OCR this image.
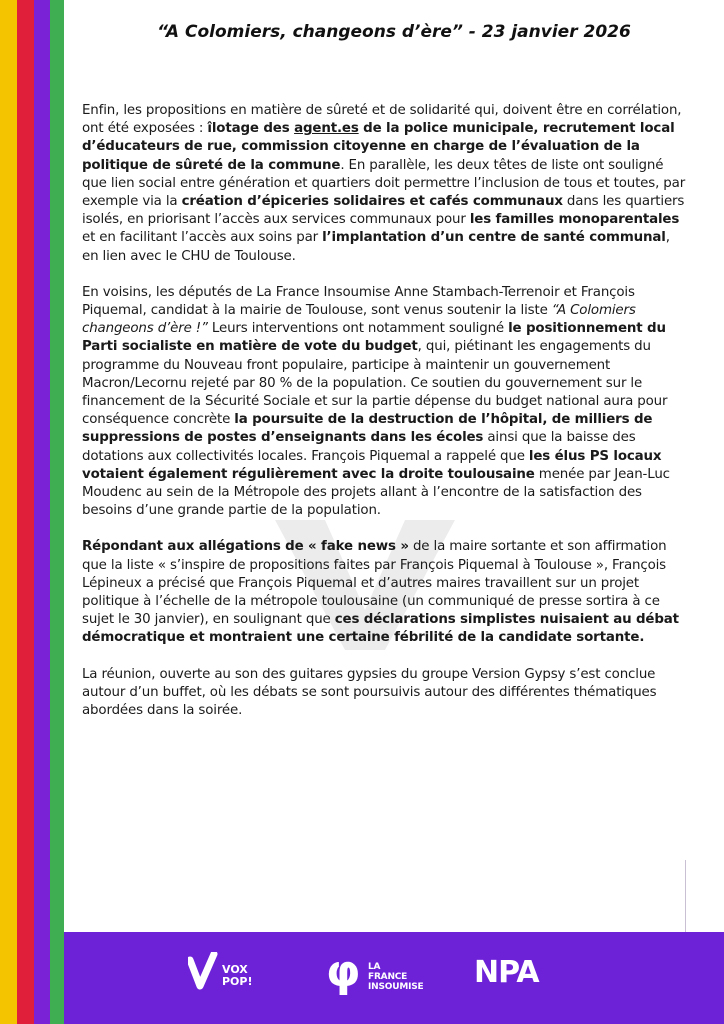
“A Colomiers, changeons d’ère” - 23 janvier 2026

Enfin, les propositions en matière de sûreté et de solidarité qui, doivent être en corrélation, ont été exposées : îlotage des agent.es de la police municipale, recrutement local d’éducateurs de rue, commission citoyenne en charge de l’évaluation de la politique de sûreté de la commune. En parallèle, les deux têtes de liste ont souligné que lien social entre génération et quartiers doit permettre l’inclusion de tous et toutes, par exemple via la création d’épiceries solidaires et cafés communaux dans les quartiers isolés, en priorisant l’accès aux services communaux pour les familles monoparentales et en facilitant l’accès aux soins par l’implantation d’un centre de santé communal, en lien avec le CHU de Toulouse.

En voisins, les députés de La France Insoumise Anne Stambach-Terrenoir et François Piquemal, candidat à la mairie de Toulouse, sont venus soutenir la liste “A Colomiers changeons d’ère !” Leurs interventions ont notamment souligné le positionnement du Parti socialiste en matière de vote du budget, qui, piétinant les engagements du programme du Nouveau front populaire, participe à maintenir un gouvernement Macron/Lecornu rejeté par 80 % de la population. Ce soutien du gouvernement sur le financement de la Sécurité Sociale et sur la partie dépense du budget national aura pour conséquence concrète la poursuite de la destruction de l’hôpital, de milliers de suppressions de postes d’enseignants dans les écoles ainsi que la baisse des dotations aux collectivités locales. François Piquemal a rappelé que les élus PS locaux votaient également régulièrement avec la droite toulousaine menée par Jean-Luc Moudenc au sein de la Métropole des projets allant à l’encontre de la satisfaction des besoins d’une grande partie de la population.

Répondant aux allégations de « fake news » de la maire sortante et son affirmation que la liste « s’inspire de propositions faites par François Piquemal à Toulouse », François Lépineux a précisé que François Piquemal et d’autres maires travaillent sur un projet politique à l’échelle de la métropole toulousaine (un communiqué de presse sortira à ce sujet le 30 janvier), en soulignant que ces déclarations simplistes nuisaient au débat démocratique et montraient une certaine fébrilité de la candidate sortante.

La réunion, ouverte au son des guitares gypsies du groupe Version Gypsy s’est conclue autour d’un buffet, où les débats se sont poursuivis autour des différentes thématiques abordées dans la soirée.

VOX
POP! φ LA
FRANCE
INSOUMISE NPA
